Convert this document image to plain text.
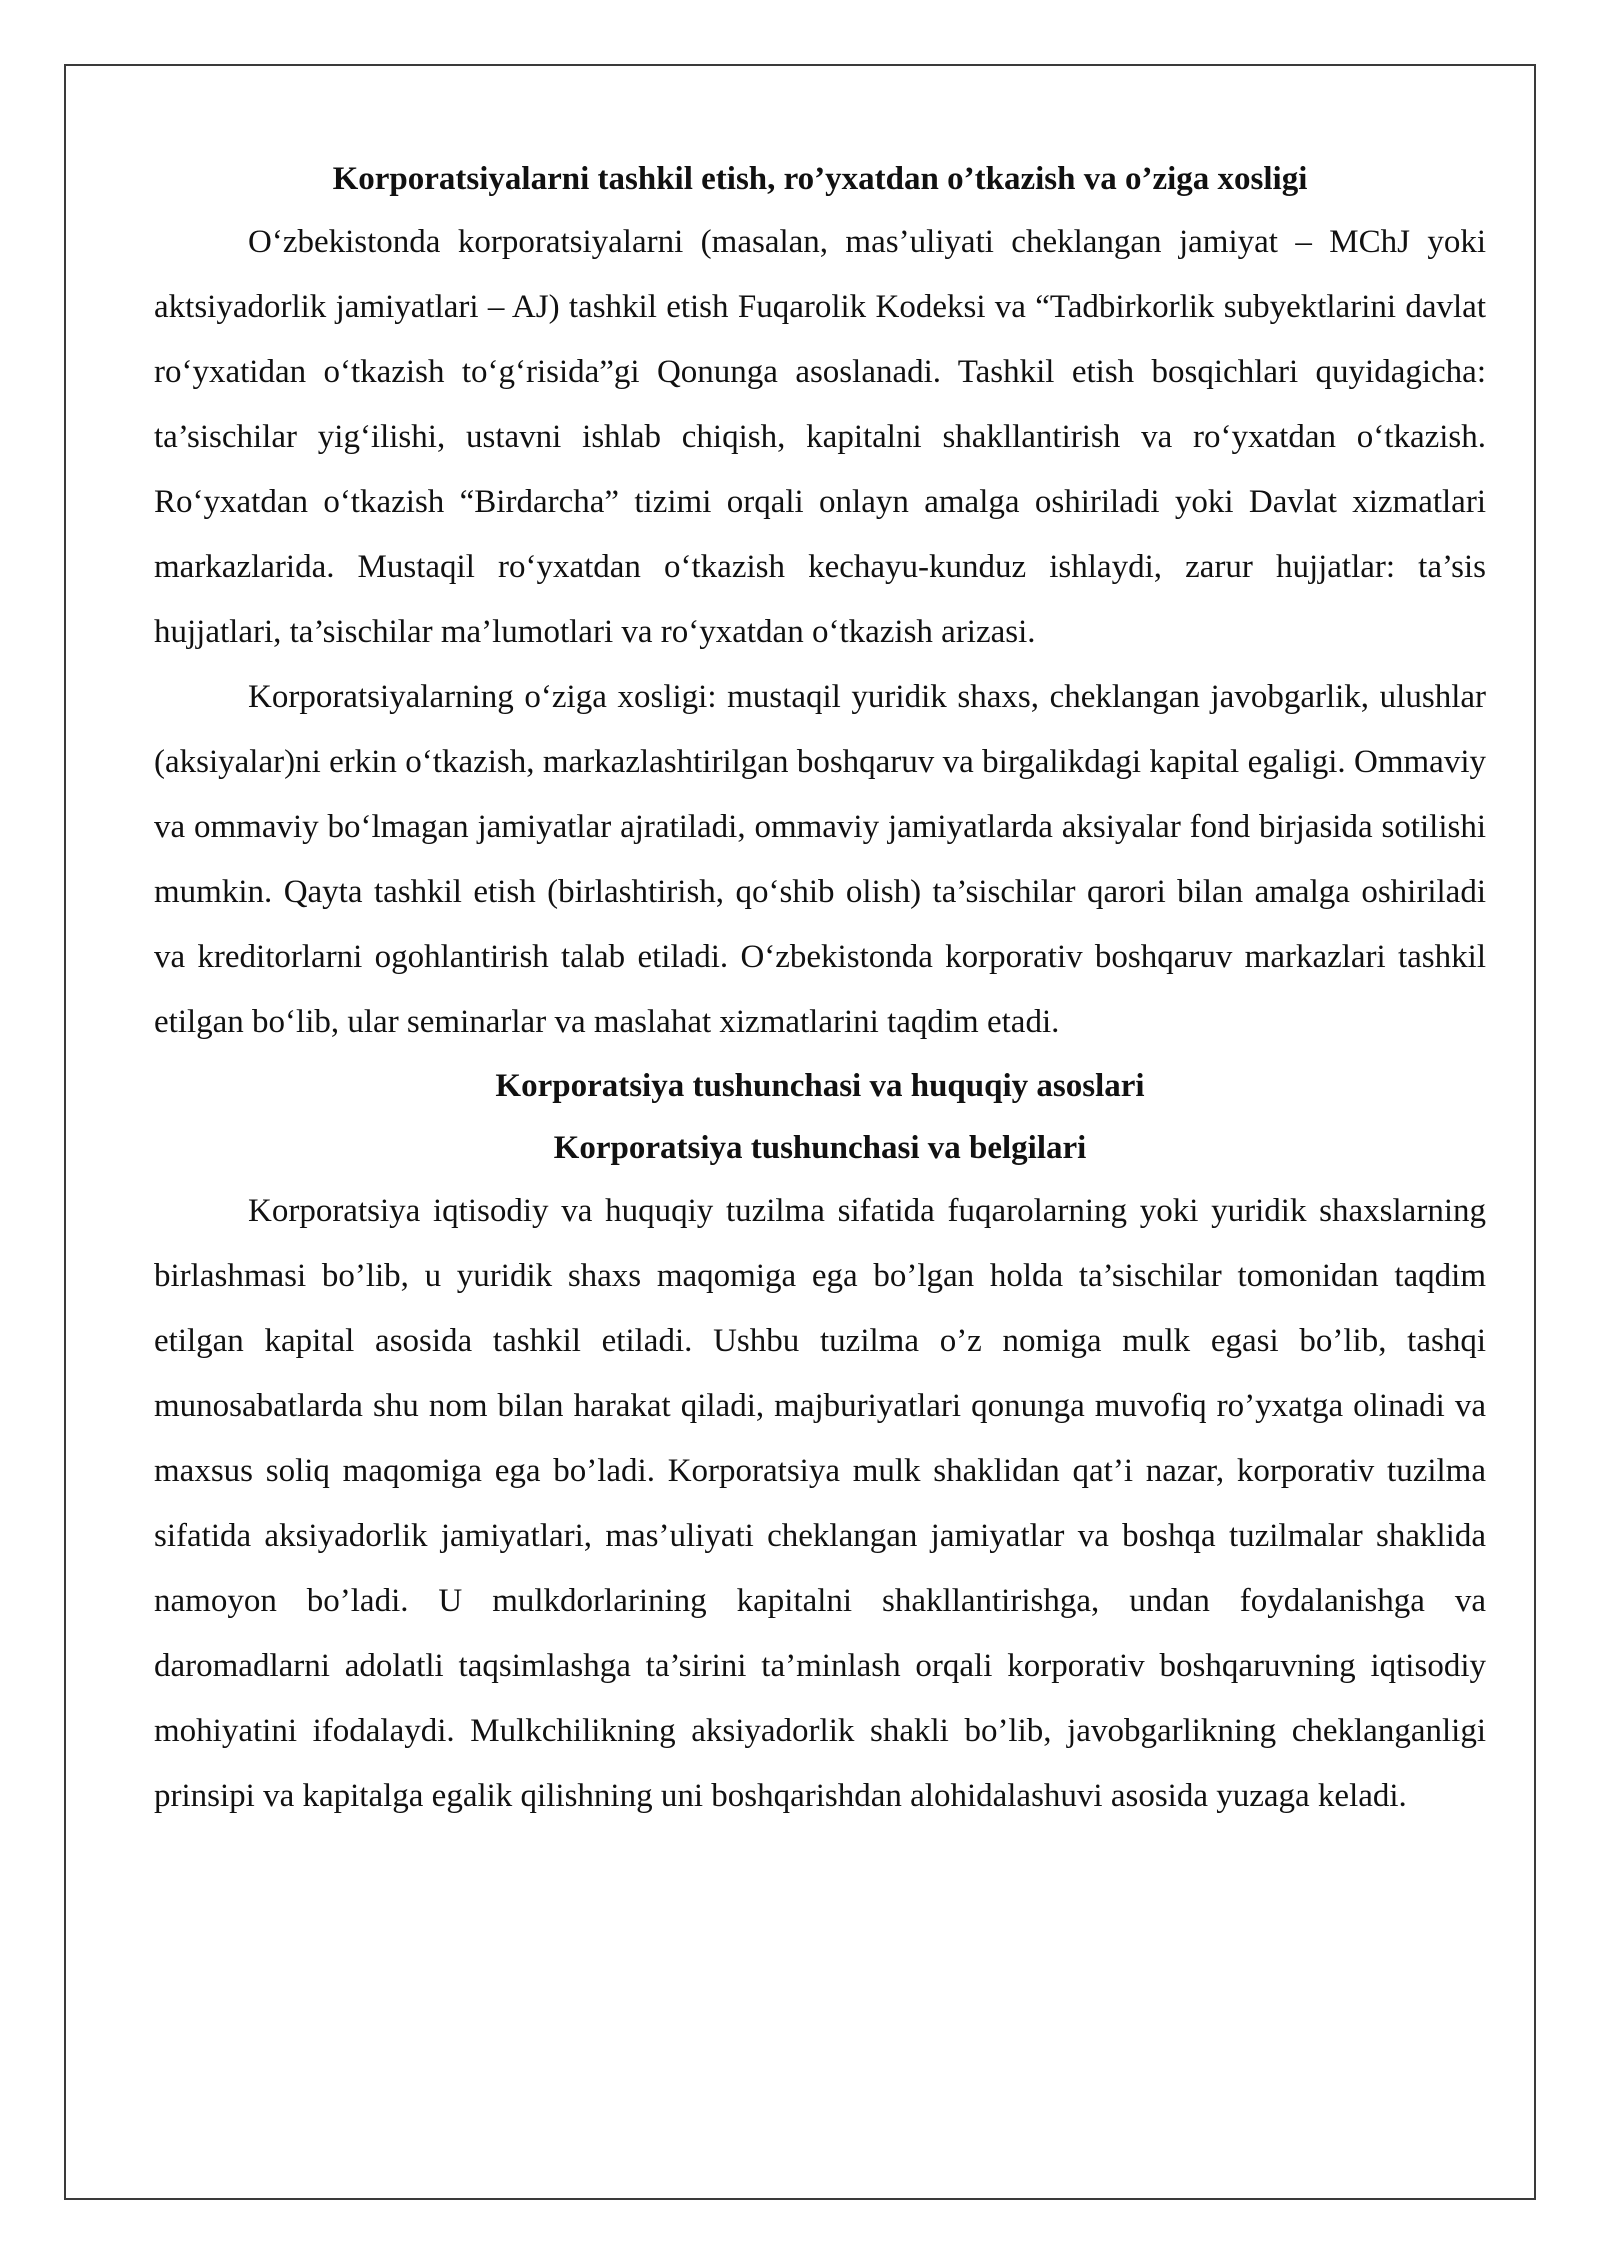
Korporatsiyalarni tashkil etish, ro’yxatdan o’tkazish va o’ziga xosligi

O‘zbekistonda korporatsiyalarni (masalan, mas’uliyati cheklangan jamiyat – MChJ yoki aktsiyadorlik jamiyatlari – AJ) tashkil etish Fuqarolik Kodeksi va “Tadbirkorlik subyektlarini davlat ro‘yxatidan o‘tkazish to‘g‘risida”gi Qonunga asoslanadi. Tashkil etish bosqichlari quyidagicha: ta’sischilar yig‘ilishi, ustavni ishlab chiqish, kapitalni shakllantirish va ro‘yxatdan o‘tkazish. Ro‘yxatdan o‘tkazish “Birdarcha” tizimi orqali onlayn amalga oshiriladi yoki Davlat xizmatlari markazlarida. Mustaqil ro‘yxatdan o‘tkazish kechayu-kunduz ishlaydi, zarur hujjatlar: ta’sis hujjatlari, ta’sischilar ma’lumotlari va ro‘yxatdan o‘tkazish arizasi.

Korporatsiyalarning o‘ziga xosligi: mustaqil yuridik shaxs, cheklangan javobgarlik, ulushlar (aksiyalar)ni erkin o‘tkazish, markazlashtirilgan boshqaruv va birgalikdagi kapital egaligi. Ommaviy va ommaviy bo‘lmagan jamiyatlar ajratiladi, ommaviy jamiyatlarda aksiyalar fond birjasida sotilishi mumkin. Qayta tashkil etish (birlashtirish, qo‘shib olish) ta’sischilar qarori bilan amalga oshiriladi va kreditorlarni ogohlantirish talab etiladi. O‘zbekistonda korporativ boshqaruv markazlari tashkil etilgan bo‘lib, ular seminarlar va maslahat xizmatlarini taqdim etadi.

Korporatsiya tushunchasi va huquqiy asoslari

Korporatsiya tushunchasi va belgilari

Korporatsiya iqtisodiy va huquqiy tuzilma sifatida fuqarolarning yoki yuridik shaxslarning birlashmasi bo’lib, u yuridik shaxs maqomiga ega bo’lgan holda ta’sischilar tomonidan taqdim etilgan kapital asosida tashkil etiladi. Ushbu tuzilma o’z nomiga mulk egasi bo’lib, tashqi munosabatlarda shu nom bilan harakat qiladi, majburiyatlari qonunga muvofiq ro’yxatga olinadi va maxsus soliq maqomiga ega bo’ladi. Korporatsiya mulk shaklidan qat’i nazar, korporativ tuzilma sifatida aksiyadorlik jamiyatlari, mas’uliyati cheklangan jamiyatlar va boshqa tuzilmalar shaklida namoyon bo’ladi. U mulkdorlarining kapitalni shakllantirishga, undan foydalanishga va daromadlarni adolatli taqsimlashga ta’sirini ta’minlash orqali korporativ boshqaruvning iqtisodiy mohiyatini ifodalaydi. Mulkchilikning aksiyadorlik shakli bo’lib, javobgarlikning cheklanganligi prinsipi va kapitalga egalik qilishning uni boshqarishdan alohidalashuvi asosida yuzaga keladi.
